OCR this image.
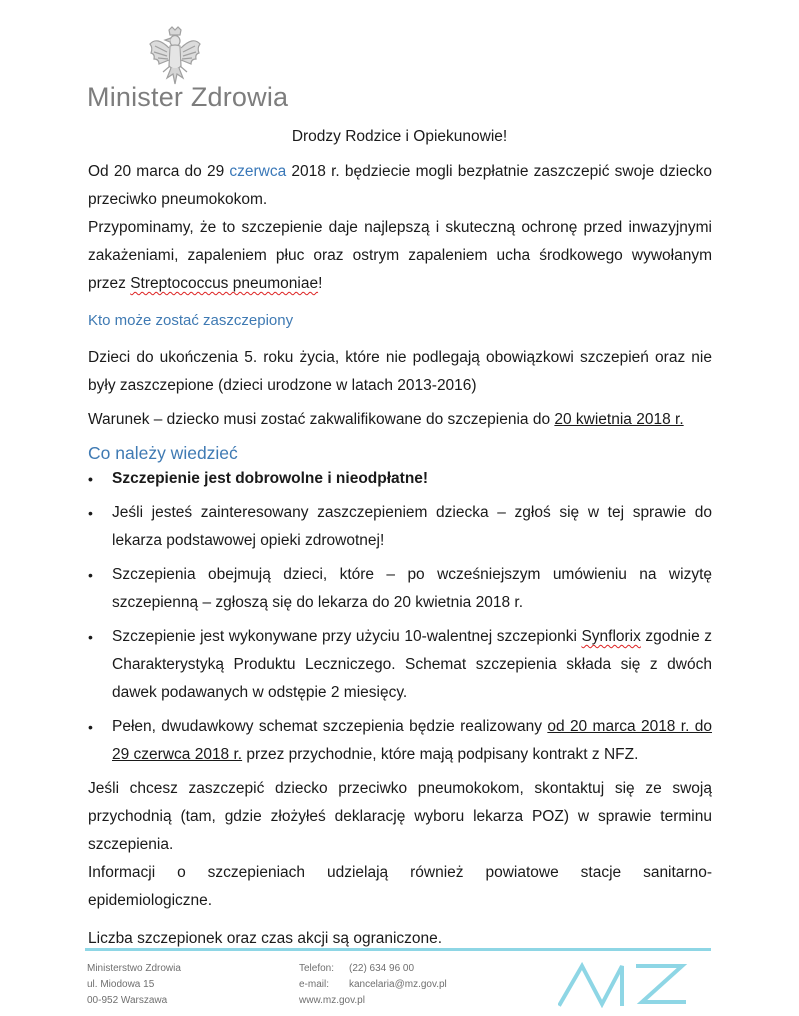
Minister Zdrowia
Drodzy Rodzice i Opiekunowie!
Od 20 marca do 29 czerwca 2018 r. będziecie mogli bezpłatnie zaszczepić swoje dziecko przeciwko pneumokokom.
Przypominamy, że to szczepienie daje najlepszą i skuteczną ochronę przed inwazyjnymi zakażeniami, zapaleniem płuc oraz ostrym zapaleniem ucha środkowego wywołanym przez Streptococcus pneumoniae!
Kto może zostać zaszczepiony
Dzieci do ukończenia 5. roku życia, które nie podlegają obowiązkowi szczepień oraz nie były zaszczepione (dzieci urodzone w latach 2013-2016)
Warunek – dziecko musi zostać zakwalifikowane do szczepienia do 20 kwietnia 2018 r.
Co należy wiedzieć
•	Szczepienie jest dobrowolne i nieodpłatne!
•	Jeśli jesteś zainteresowany zaszczepieniem dziecka – zgłoś się w tej sprawie do lekarza podstawowej opieki zdrowotnej!
•	Szczepienia obejmują dzieci, które – po wcześniejszym umówieniu na wizytę szczepienną – zgłoszą się do lekarza do 20 kwietnia 2018 r.
•	Szczepienie jest wykonywane przy użyciu 10-walentnej szczepionki Synflorix zgodnie z Charakterystyką Produktu Leczniczego. Schemat szczepienia składa się z dwóch dawek podawanych w odstępie 2 miesięcy.
•	Pełen, dwudawkowy schemat szczepienia będzie realizowany od 20 marca 2018 r. do 29 czerwca 2018 r. przez przychodnie, które mają podpisany kontrakt z NFZ.
Jeśli chcesz zaszczepić dziecko przeciwko pneumokokom, skontaktuj się ze swoją przychodnią (tam, gdzie złożyłeś deklarację wyboru lekarza POZ) w sprawie terminu szczepienia.
Informacji o szczepieniach udzielają również powiatowe stacje sanitarno-epidemiologiczne.
Liczba szczepionek oraz czas akcji są ograniczone.
Ministerstwo Zdrowia
ul. Miodowa 15
00-952 Warszawa
Telefon: (22) 634 96 00
e-mail: kancelaria@mz.gov.pl
www.mz.gov.pl
